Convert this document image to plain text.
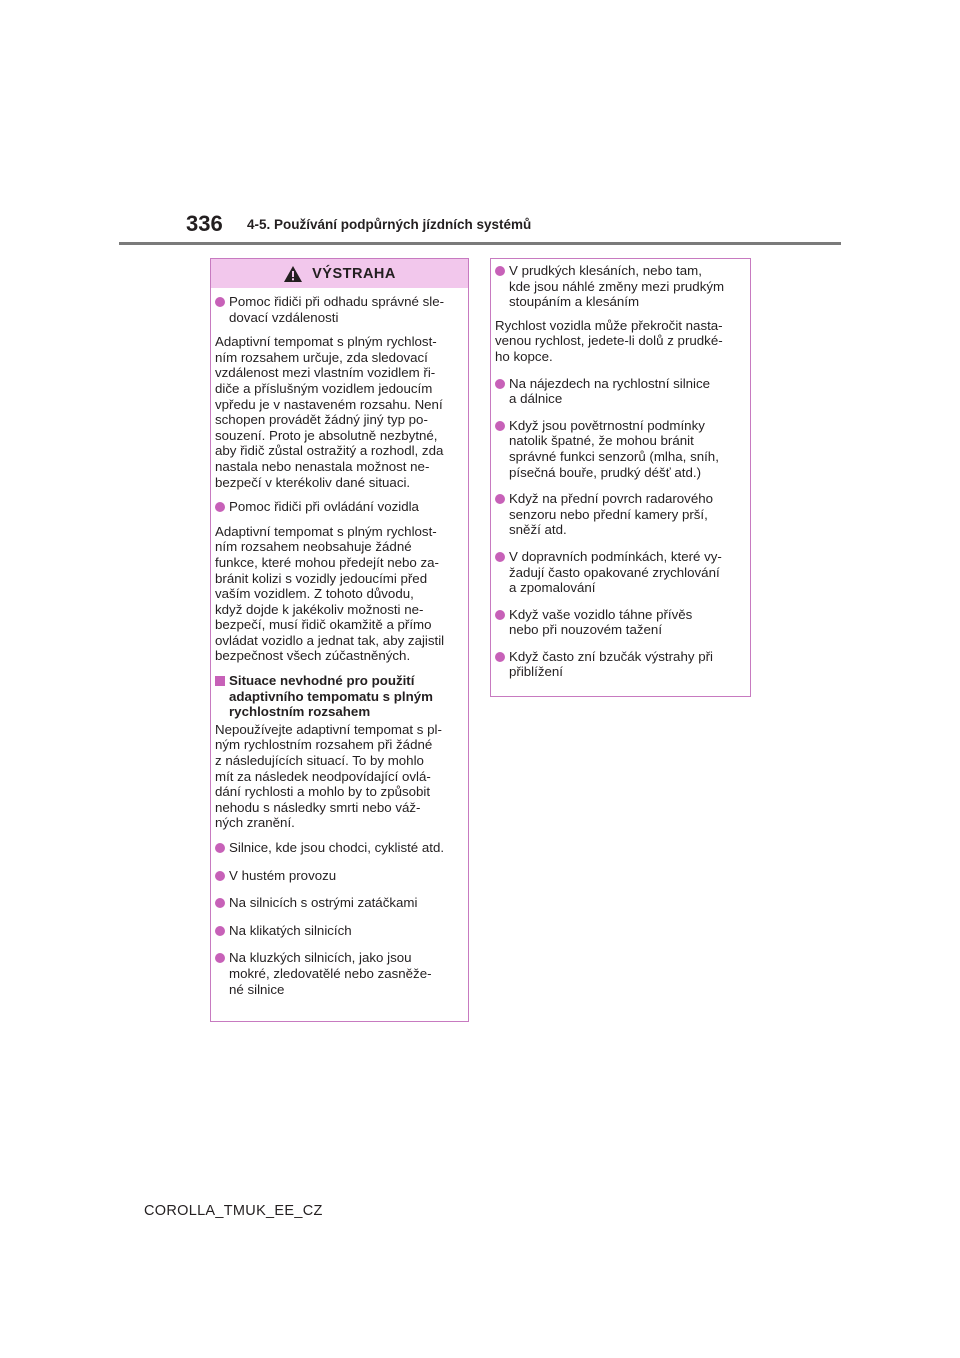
336 4-5. Používání podpůrných jízdních systémů
VÝSTRAHA
Pomoc řidiči při odhadu správné sle-
dovací vzdálenosti
Adaptivní tempomat s plným rychlost-
ním rozsahem určuje, zda sledovací
vzdálenost mezi vlastním vozidlem ři-
diče a příslušným vozidlem jedoucím
vpředu je v nastaveném rozsahu. Není
schopen provádět žádný jiný typ po-
souzení. Proto je absolutně nezbytné,
aby řidič zůstal ostražitý a rozhodl, zda
nastala nebo nenastala možnost ne-
bezpečí v kterékoliv dané situaci.
Pomoc řidiči při ovládání vozidla
Adaptivní tempomat s plným rychlost-
ním rozsahem neobsahuje žádné
funkce, které mohou předejít nebo za-
bránit kolizi s vozidly jedoucími před
vaším vozidlem. Z tohoto důvodu,
když dojde k jakékoliv možnosti ne-
bezpečí, musí řidič okamžitě a přímo
ovládat vozidlo a jednat tak, aby zajistil
bezpečnost všech zúčastněných.
Situace nevhodné pro použití
adaptivního tempomatu s plným
rychlostním rozsahem
Nepoužívejte adaptivní tempomat s pl-
ným rychlostním rozsahem při žádné
z následujících situací. To by mohlo
mít za následek neodpovídající ovlá-
dání rychlosti a mohlo by to způsobit
nehodu s následky smrti nebo váž-
ných zranění.
Silnice, kde jsou chodci, cyklisté atd.
V hustém provozu
Na silnicích s ostrými zatáčkami
Na klikatých silnicích
Na kluzkých silnicích, jako jsou
mokré, zledovatělé nebo zasněže-
né silnice
V prudkých klesáních, nebo tam,
kde jsou náhlé změny mezi prudkým
stoupáním a klesáním
Rychlost vozidla může překročit nasta-
venou rychlost, jedete-li dolů z prudké-
ho kopce.
Na nájezdech na rychlostní silnice
a dálnice
Když jsou povětrnostní podmínky
natolik špatné, že mohou bránit
správné funkci senzorů (mlha, sníh,
písečná bouře, prudký déšť atd.)
Když na přední povrch radarového
senzoru nebo přední kamery prší,
sněží atd.
V dopravních podmínkách, které vy-
žadují často opakované zrychlování
a zpomalování
Když vaše vozidlo táhne přívěs
nebo při nouzovém tažení
Když často zní bzučák výstrahy při
přiblížení
COROLLA_TMUK_EE_CZ
